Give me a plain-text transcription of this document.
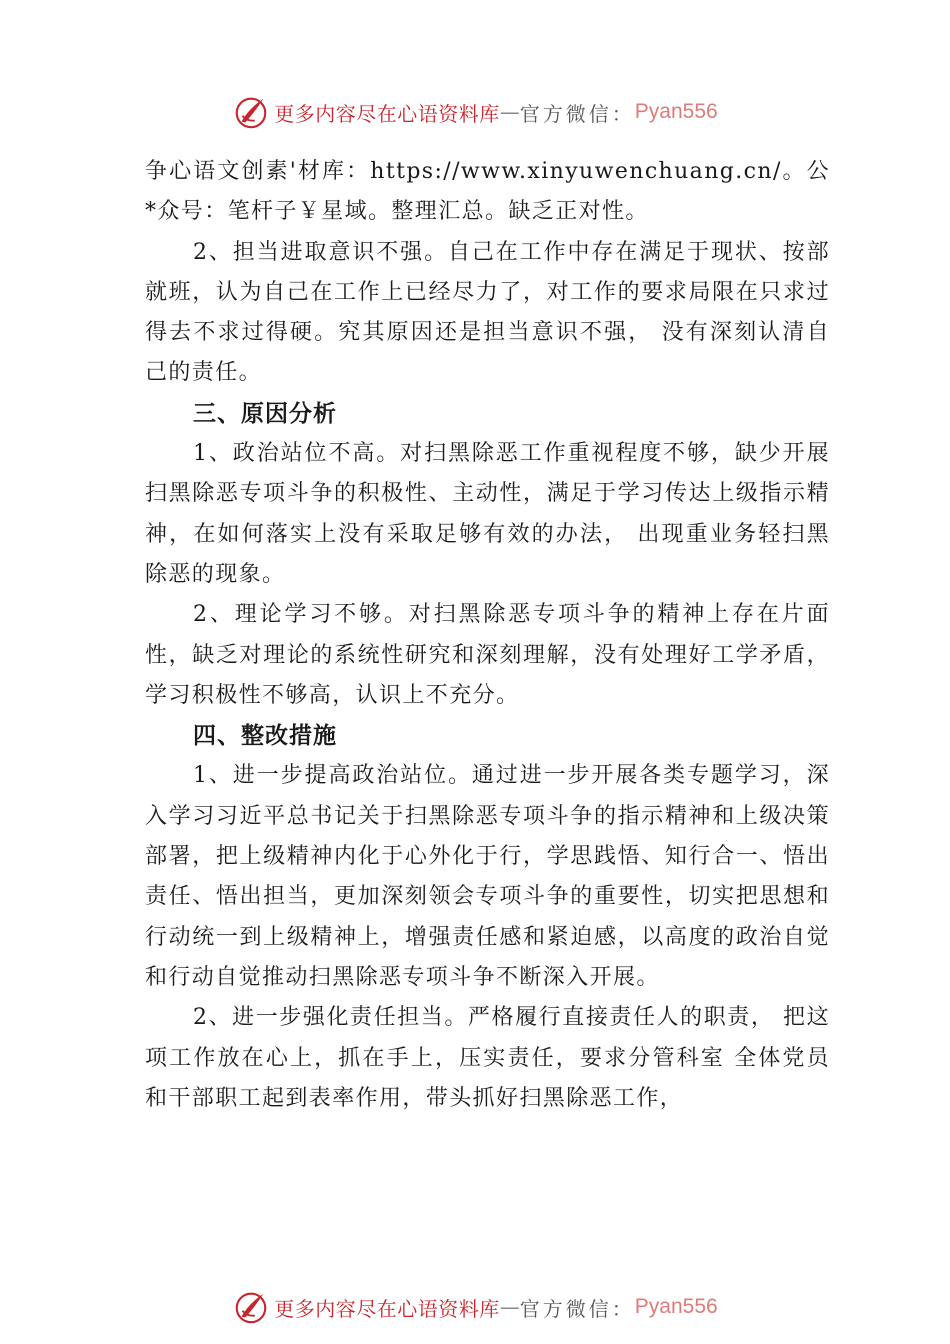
更多内容尽在心语资料库 — 官方微信： Pyan556

争心语文创素'材库：https://www.xinyuwenchuang.cn/。公*众号：笔杆子￥星域。整理汇总。缺乏正对性。

2、担当进取意识不强。自己在工作中存在满足于现状、按部就班，认为自己在工作上已经尽力了，对工作的要求局限在只求过得去不求过得硬。究其原因还是担当意识不强， 没有深刻认清自己的责任。

三、原因分析

1、政治站位不高。对扫黑除恶工作重视程度不够，缺少开展扫黑除恶专项斗争的积极性、主动性，满足于学习传达上级指示精神，在如何落实上没有采取足够有效的办法， 出现重业务轻扫黑除恶的现象。

2、理论学习不够。对扫黑除恶专项斗争的精神上存在片面性，缺乏对理论的系统性研究和深刻理解，没有处理好工学矛盾，学习积极性不够高，认识上不充分。

四、整改措施

1、进一步提高政治站位。通过进一步开展各类专题学习，深入学习习近平总书记关于扫黑除恶专项斗争的指示精神和上级决策部署，把上级精神内化于心外化于行，学思践悟、知行合一、悟出责任、悟出担当，更加深刻领会专项斗争的重要性，切实把思想和行动统一到上级精神上，增强责任感和紧迫感，以高度的政治自觉和行动自觉推动扫黑除恶专项斗争不断深入开展。

2、进一步强化责任担当。严格履行直接责任人的职责， 把这项工作放在心上，抓在手上，压实责任，要求分管科室 全体党员和干部职工起到表率作用，带头抓好扫黑除恶工作，

更多内容尽在心语资料库 — 官方微信： Pyan556
